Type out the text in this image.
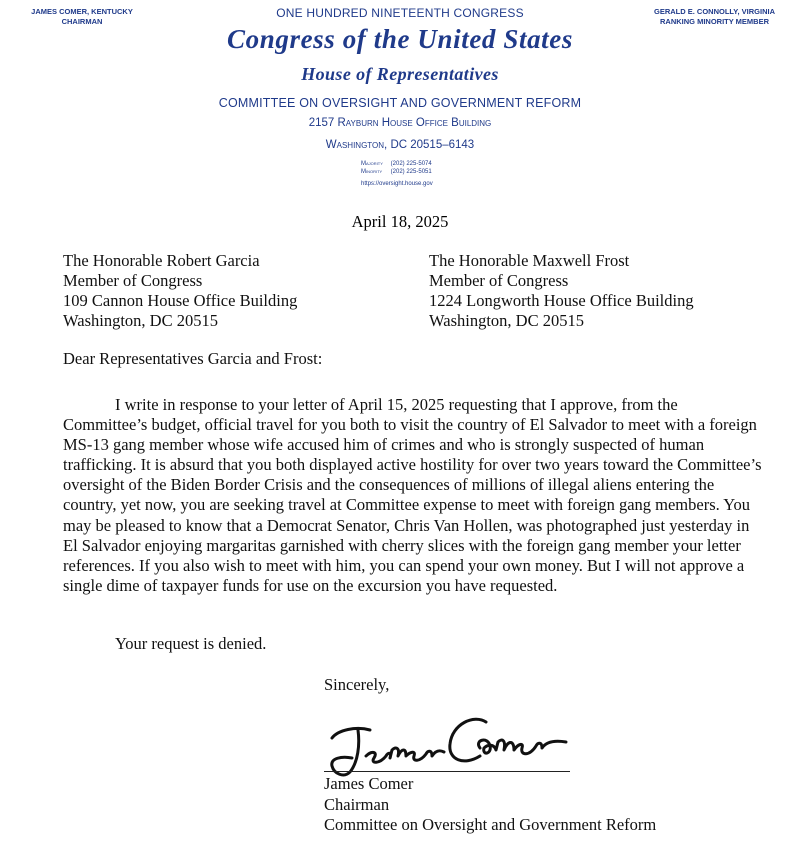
JAMES COMER, KENTUCKY
CHAIRMAN
ONE HUNDRED NINETEENTH CONGRESS	GERALD E. CONNOLLY, VIRGINIA
RANKING MINORITY MEMBER
Congress of the United States
House of Representatives
COMMITTEE ON OVERSIGHT AND GOVERNMENT REFORM
2157 Rayburn House Office Building
Washington, DC 20515–6143
Majority (202) 225-5074
Minority (202) 225-5051
https://oversight.house.gov
April 18, 2025
The Honorable Robert Garcia
Member of Congress
109 Cannon House Office Building
Washington, DC 20515
The Honorable Maxwell Frost
Member of Congress
1224 Longworth House Office Building
Washington, DC 20515
Dear Representatives Garcia and Frost:
I write in response to your letter of April 15, 2025 requesting that I approve, from the Committee’s budget, official travel for you both to visit the country of El Salvador to meet with a foreign MS-13 gang member whose wife accused him of crimes and who is strongly suspected of human trafficking. It is absurd that you both displayed active hostility for over two years toward the Committee’s oversight of the Biden Border Crisis and the consequences of millions of illegal aliens entering the country, yet now, you are seeking travel at Committee expense to meet with foreign gang members. You may be pleased to know that a Democrat Senator, Chris Van Hollen, was photographed just yesterday in El Salvador enjoying margaritas garnished with cherry slices with the foreign gang member your letter references. If you also wish to meet with him, you can spend your own money. But I will not approve a single dime of taxpayer funds for use on the excursion you have requested.
Your request is denied.
Sincerely,
James Comer
Chairman
Committee on Oversight and Government Reform
